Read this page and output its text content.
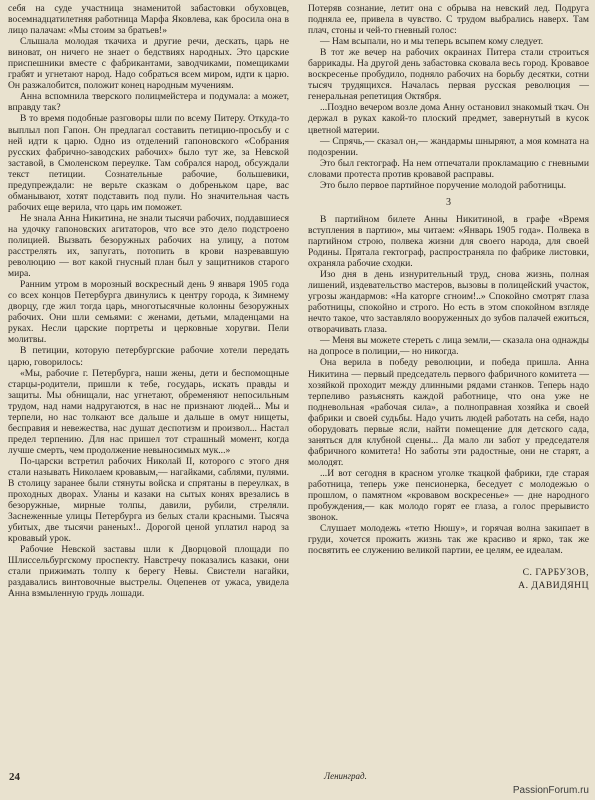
себя на суде участница знаменитой забастовки обуховцев, восемнадцатилетняя работница Марфа Яковлева, как бросила она в лицо палачам: «Мы стоим за братьев!»

Слышала молодая ткачиха и другие речи, дескать, царь не виноват, он ничего не знает о бедствиях народных. Это царские приспешники вместе с фабрикантами, заводчиками, помещиками грабят и угнетают народ. Надо собраться всем миром, идти к царю. Он разжалобится, положит конец народным мучениям.

Анна вспомнила тверского полицмейстера и подумала: а может, вправду так?

В то время подобные разговоры шли по всему Питеру. Откуда-то выплыл поп Гапон. Он предлагал составить петицию-просьбу и с ней идти к царю. Одно из отделений гапоновского «Собрания русских фабрично-заводских рабочих» было тут же, за Невской заставой, в Смоленском переулке. Там собрался народ, обсуждали текст петиции. Сознательные рабочие, большевики, предупреждали: не верьте сказкам о добреньком царе, вас обманывают, хотят подставить под пули. Но значительная часть рабочих еще верила, что царь им поможет.

Не знала Анна Никитина, не знали тысячи рабочих, поддавшиеся на удочку гапоновских агитаторов, что все это дело подстроено полицией. Вызвать безоружных рабочих на улицу, а потом расстрелять их, запугать, потопить в крови назревавшую революцию — вот какой гнусный план был у защитников старого мира.

Ранним утром в морозный воскресный день 9 января 1905 года со всех концов Петербурга двинулись к центру города, к Зимнему дворцу, где жил тогда царь, многотысячные колонны безоружных рабочих. Они шли семьями: с женами, детьми, младенцами на руках. Несли царские портреты и церковные хоругви. Пели молитвы.

В петиции, которую петербургские рабочие хотели передать царю, говорилось:

«Мы, рабочие г. Петербурга, наши жены, дети и беспомощные старцы-родители, пришли к тебе, государь, искать правды и защиты. Мы обнищали, нас угнетают, обременяют непосильным трудом, над нами надругаются, в нас не признают людей... Мы и терпели, но нас толкают все дальше и дальше в омут нищеты, бесправия и невежества, нас душат деспотизм и произвол... Настал предел терпению. Для нас пришел тот страшный момент, когда лучше смерть, чем продолжение невыносимых мук...»

По-царски встретил рабочих Николай II, которого с этого дня стали называть Николаем кровавым,— нагайками, саблями, пулями. В столицу заранее были стянуты войска и спрятаны в переулках, в проходных дворах. Уланы и казаки на сытых конях врезались в безоружные, мирные толпы, давили, рубили, стреляли. Заснеженные улицы Петербурга из белых стали красными. Тысяча убитых, две тысячи раненых!.. Дорогой ценой уплатил народ за кровавый урок.

Рабочие Невской заставы шли к Дворцовой площади по Шлиссельбургскому проспекту. Навстречу показались казаки, они стали прижимать толпу к берегу Невы. Свистели нагайки, раздавались винтовочные выстрелы. Оцепенев от ужаса, увидела Анна взмыленную грудь лошади.

Потеряв сознание, летит она с обрыва на невский лед. Подруга подняла ее, привела в чувство. С трудом выбрались наверх. Там плач, стоны и чей-то гневный голос:

— Нам всыпали, но и мы теперь всыпем кому следует.

В тот же вечер на рабочих окраинах Питера стали строиться баррикады. На другой день забастовка сковала весь город. Кровавое воскресенье пробудило, подняло рабочих на борьбу десятки, сотни тысяч трудящихся. Началась первая русская революция — генеральная репетиция Октября.

...Поздно вечером возле дома Анну остановил знакомый ткач. Он держал в руках какой-то плоский предмет, завернутый в кусок цветной материи.

— Спрячь,— сказал он,— жандармы шныряют, а моя комната на подозрении.

Это был гектограф. На нем отпечатали прокламацию с гневными словами протеста против кровавой расправы.

Это было первое партийное поручение молодой работницы.

3

В партийном билете Анны Никитиной, в графе «Время вступления в партию», мы читаем: «Январь 1905 года». Полвека в партийном строю, полвека жизни для своего народа, для своей Родины. Прятала гектограф, распространяла по фабрике листовки, охраняла рабочие сходки.

Изо дня в день изнурительный труд, снова жизнь, полная лишений, издевательство мастеров, вызовы в полицейский участок, угрозы жандармов: «На каторге сгноим!..» Спокойно смотрят глаза работницы, спокойно и строго. Но есть в этом спокойном взгляде нечто такое, что заставляло вооруженных до зубов палачей ежиться, отворачивать глаза.

— Меня вы можете стереть с лица земли,— сказала она однажды на допросе в полиции,— но никогда.

Она верила в победу революции, и победа пришла. Анна Никитина — первый председатель первого фабричного комитета — хозяйкой проходит между длинными рядами станков. Теперь надо терпеливо разъяснять каждой работнице, что она уже не подневольная «рабочая сила», а полноправная хозяйка и своей фабрики и своей судьбы. Надо учить людей работать на себя, надо оборудовать первые ясли, найти помещение для детского сада, заняться для клубной сцены... Да мало ли забот у председателя фабричного комитета! Но заботы эти радостные, они не старят, а молодят.

...И вот сегодня в красном уголке ткацкой фабрики, где старая работница, теперь уже пенсионерка, беседует с молодежью о прошлом, о памятном «кровавом воскресенье» — дне народного пробуждения,— как молодо горят ее глаза, а голос прерывисто звонок.

Слушает молодежь «тетю Нюшу», и горячая волна закипает в груди, хочется прожить жизнь так же красиво и ярко, так же посвятить ее служению великой партии, ее целям, ее идеалам.

С. ГАРБУЗОВ,
А. ДАВИДЯНЦ
24	Ленинград.
PassionForum.ru
